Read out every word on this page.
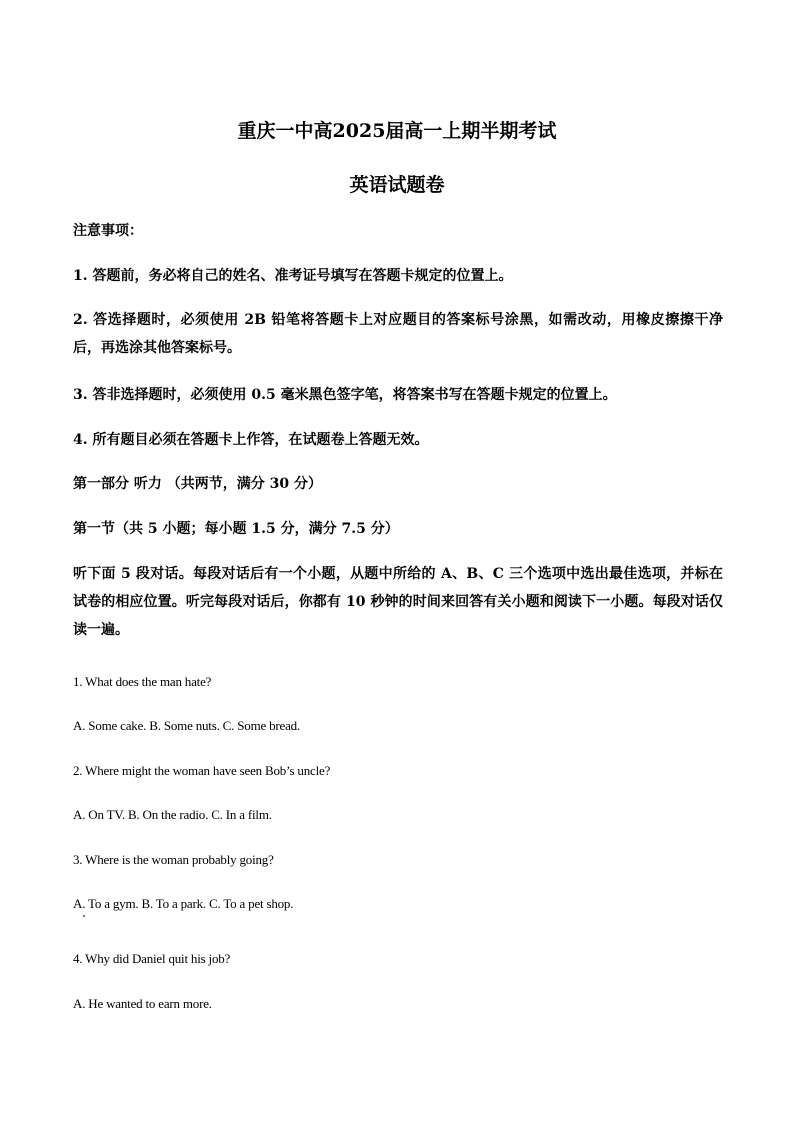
重庆一中高2025届高一上期半期考试
英语试题卷
注意事项：
1. 答题前，务必将自己的姓名、准考证号填写在答题卡规定的位置上。
2. 答选择题时，必须使用 2B 铅笔将答题卡上对应题目的答案标号涂黑，如需改动，用橡皮擦擦干净后，再选涂其他答案标号。
3. 答非选择题时，必须使用 0.5 毫米黑色签字笔，将答案书写在答题卡规定的位置上。
4. 所有题目必须在答题卡上作答，在试题卷上答题无效。
第一部分 听力 （共两节，满分 30 分）
第一节（共 5 小题；每小题 1.5 分，满分 7.5 分）
听下面 5 段对话。每段对话后有一个小题，从题中所给的 A、B、C 三个选项中选出最佳选项，并标在试卷的相应位置。听完每段对话后，你都有 10 秒钟的时间来回答有关小题和阅读下一小题。每段对话仅读一遍。
1. What does the man hate?
A. Some cake. B. Some nuts. C. Some bread.
2. Where might the woman have seen Bob’s uncle?
A. On TV. B. On the radio. C. In a film.
3. Where is the woman probably going?
A. To a gym. B. To a park. C. To a pet shop.
4. Why did Daniel quit his job?
A. He wanted to earn more.
